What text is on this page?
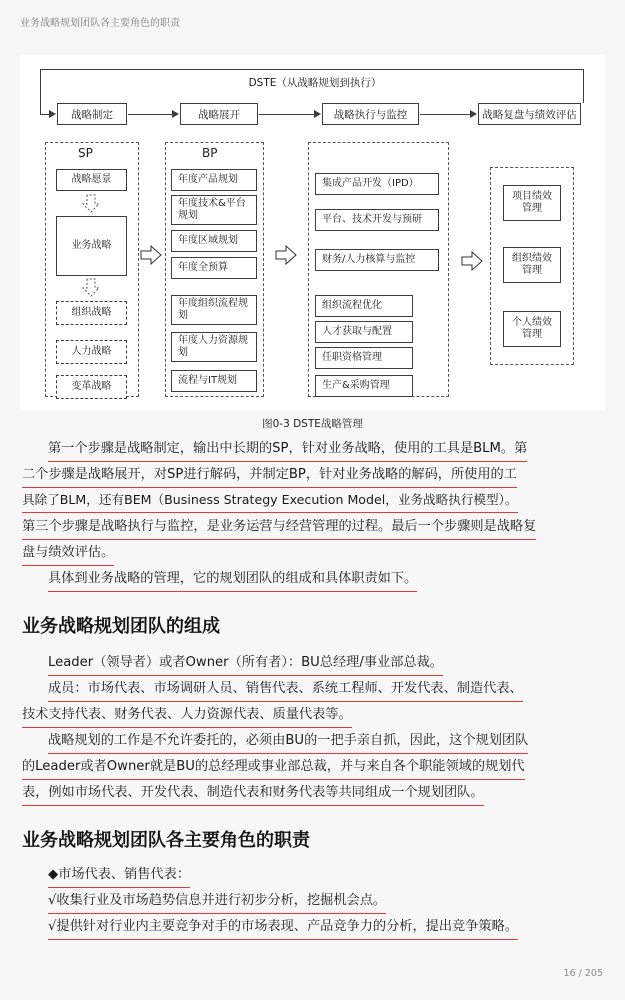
业务战略规划团队各主要角色的职责
DSTE（从战略规划到执行）
战略制定	战略展开	战略执行与监控	战略复盘与绩效评估
SP
战略愿景
业务战略
组织战略
人力战略
变革战略
BP
年度产品规划
年度技术&平台规划
年度区域规划
年度全预算
年度组织流程规划
年度人力资源规划
流程与IT规划
集成产品开发（IPD）
平台、技术开发与预研
财务/人力核算与监控
组织流程优化
人才获取与配置
任职资格管理
生产&采购管理
项目绩效管理
组织绩效管理
个人绩效管理
图0-3 DSTE战略管理
第一个步骤是战略制定，输出中长期的SP，针对业务战略，使用的工具是BLM。第
二个步骤是战略展开，对SP进行解码，并制定BP，针对业务战略的解码，所使用的工
具除了BLM，还有BEM（Business Strategy Execution Model，业务战略执行模型）。
第三个步骤是战略执行与监控，是业务运营与经营管理的过程。最后一个步骤则是战略复
盘与绩效评估。
具体到业务战略的管理，它的规划团队的组成和具体职责如下。
业务战略规划团队的组成
Leader（领导者）或者Owner（所有者）：BU总经理/事业部总裁。
成员：市场代表、市场调研人员、销售代表、系统工程师、开发代表、制造代表、
技术支持代表、财务代表、人力资源代表、质量代表等。
战略规划的工作是不允许委托的，必须由BU的一把手亲自抓，因此，这个规划团队
的Leader或者Owner就是BU的总经理或事业部总裁，并与来自各个职能领域的规划代
表，例如市场代表、开发代表、制造代表和财务代表等共同组成一个规划团队。
业务战略规划团队各主要角色的职责
◆市场代表、销售代表：
√收集行业及市场趋势信息并进行初步分析，挖掘机会点。
√提供针对行业内主要竞争对手的市场表现、产品竞争力的分析，提出竞争策略。
16 / 205
